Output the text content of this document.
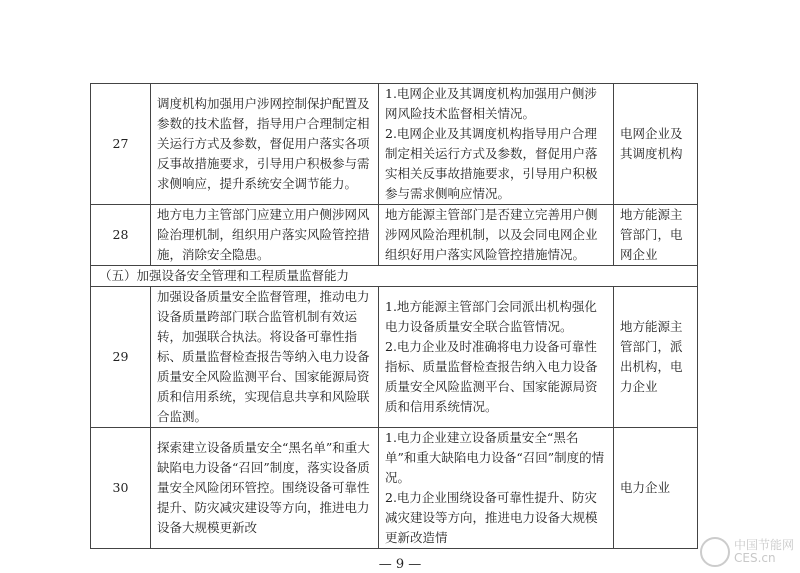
27	调度机构加强用户涉网控制保护配置及参数的技术监督，指导用户合理制定相关运行方式及参数，督促用户落实各项反事故措施要求，引导用户积极参与需求侧响应，提升系统安全调节能力。	1.电网企业及其调度机构加强用户侧涉网风险技术监督相关情况。
2.电网企业及其调度机构指导用户合理制定相关运行方式及参数，督促用户落实相关反事故措施要求，引导用户积极参与需求侧响应情况。	电网企业及其调度机构
28	地方电力主管部门应建立用户侧涉网风险治理机制，组织用户落实风险管控措施，消除安全隐患。	地方能源主管部门是否建立完善用户侧涉网风险治理机制，以及会同电网企业组织好用户落实风险管控措施情况。	地方能源主管部门，电网企业
（五）加强设备安全管理和工程质量监督能力			
29	加强设备质量安全监督管理，推动电力设备质量跨部门联合监管机制有效运转，加强联合执法。将设备可靠性指标、质量监督检查报告等纳入电力设备质量安全风险监测平台、国家能源局资质和信用系统，实现信息共享和风险联合监测。	1.地方能源主管部门会同派出机构强化电力设备质量安全联合监管情况。
2.电力企业及时准确将电力设备可靠性指标、质量监督检查报告纳入电力设备质量安全风险监测平台、国家能源局资质和信用系统情况。	地方能源主管部门，派出机构，电力企业
30	探索建立设备质量安全“黑名单”和重大缺陷电力设备“召回”制度，落实设备质量安全风险闭环管控。围绕设备可靠性提升、防灾减灾建设等方向，推进电力设备大规模更新改	1.电力企业建立设备质量安全“黑名单”和重大缺陷电力设备“召回”制度的情况。
2.电力企业围绕设备可靠性提升、防灾减灾建设等方向，推进电力设备大规模更新改造情	电力企业
— 9 —
中国节能网
CES.cn
